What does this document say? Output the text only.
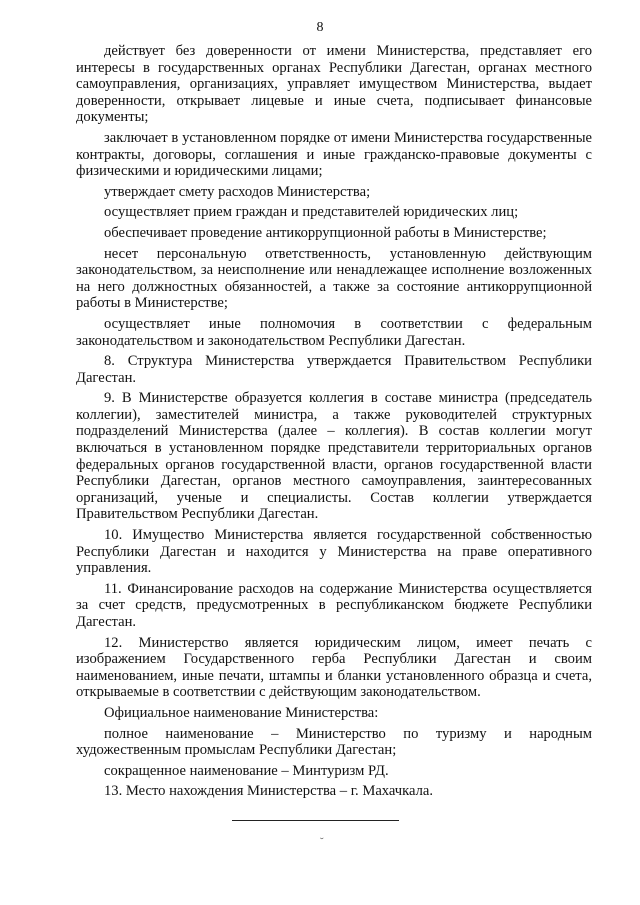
8

действует без доверенности от имени Министерства, представляет его интересы в государственных органах Республики Дагестан, органах местного самоуправления, организациях, управляет имуществом Министерства, выдает доверенности, открывает лицевые и иные счета, подписывает финансовые документы;

заключает в установленном порядке от имени Министерства государственные контракты, договоры, соглашения и иные гражданско-правовые документы с физическими и юридическими лицами;

утверждает смету расходов Министерства;

осуществляет прием граждан и представителей юридических лиц;

обеспечивает проведение антикоррупционной работы в Министерстве;

несет персональную ответственность, установленную действующим законодательством, за неисполнение или ненадлежащее исполнение возложенных на него должностных обязанностей, а также за состояние антикоррупционной работы в Министерстве;

осуществляет иные полномочия в соответствии с федеральным законодательством и законодательством Республики Дагестан.

8. Структура Министерства утверждается Правительством Республики Дагестан.

9. В Министерстве образуется коллегия в составе министра (председатель коллегии), заместителей министра, а также руководителей структурных подразделений Министерства (далее – коллегия). В состав коллегии могут включаться в установленном порядке представители территориальных органов федеральных органов государственной власти, органов государственной власти Республики Дагестан, органов местного самоуправления, заинтересованных организаций, ученые и специалисты. Состав коллегии утверждается Правительством Республики Дагестан.

10. Имущество Министерства является государственной собственностью Республики Дагестан и находится у Министерства на праве оперативного управления.

11. Финансирование расходов на содержание Министерства осуществляется за счет средств, предусмотренных в республиканском бюджете Республики Дагестан.

12. Министерство является юридическим лицом, имеет печать с изображением Государственного герба Республики Дагестан и своим наименованием, иные печати, штампы и бланки установленного образца и счета, открываемые в соответствии с действующим законодательством.

Официальное наименование Министерства:

полное наименование – Министерство по туризму и народным художественным промыслам Республики Дагестан;

сокращенное наименование – Минтуризм РД.

13. Место нахождения Министерства – г. Махачкала.

˘
